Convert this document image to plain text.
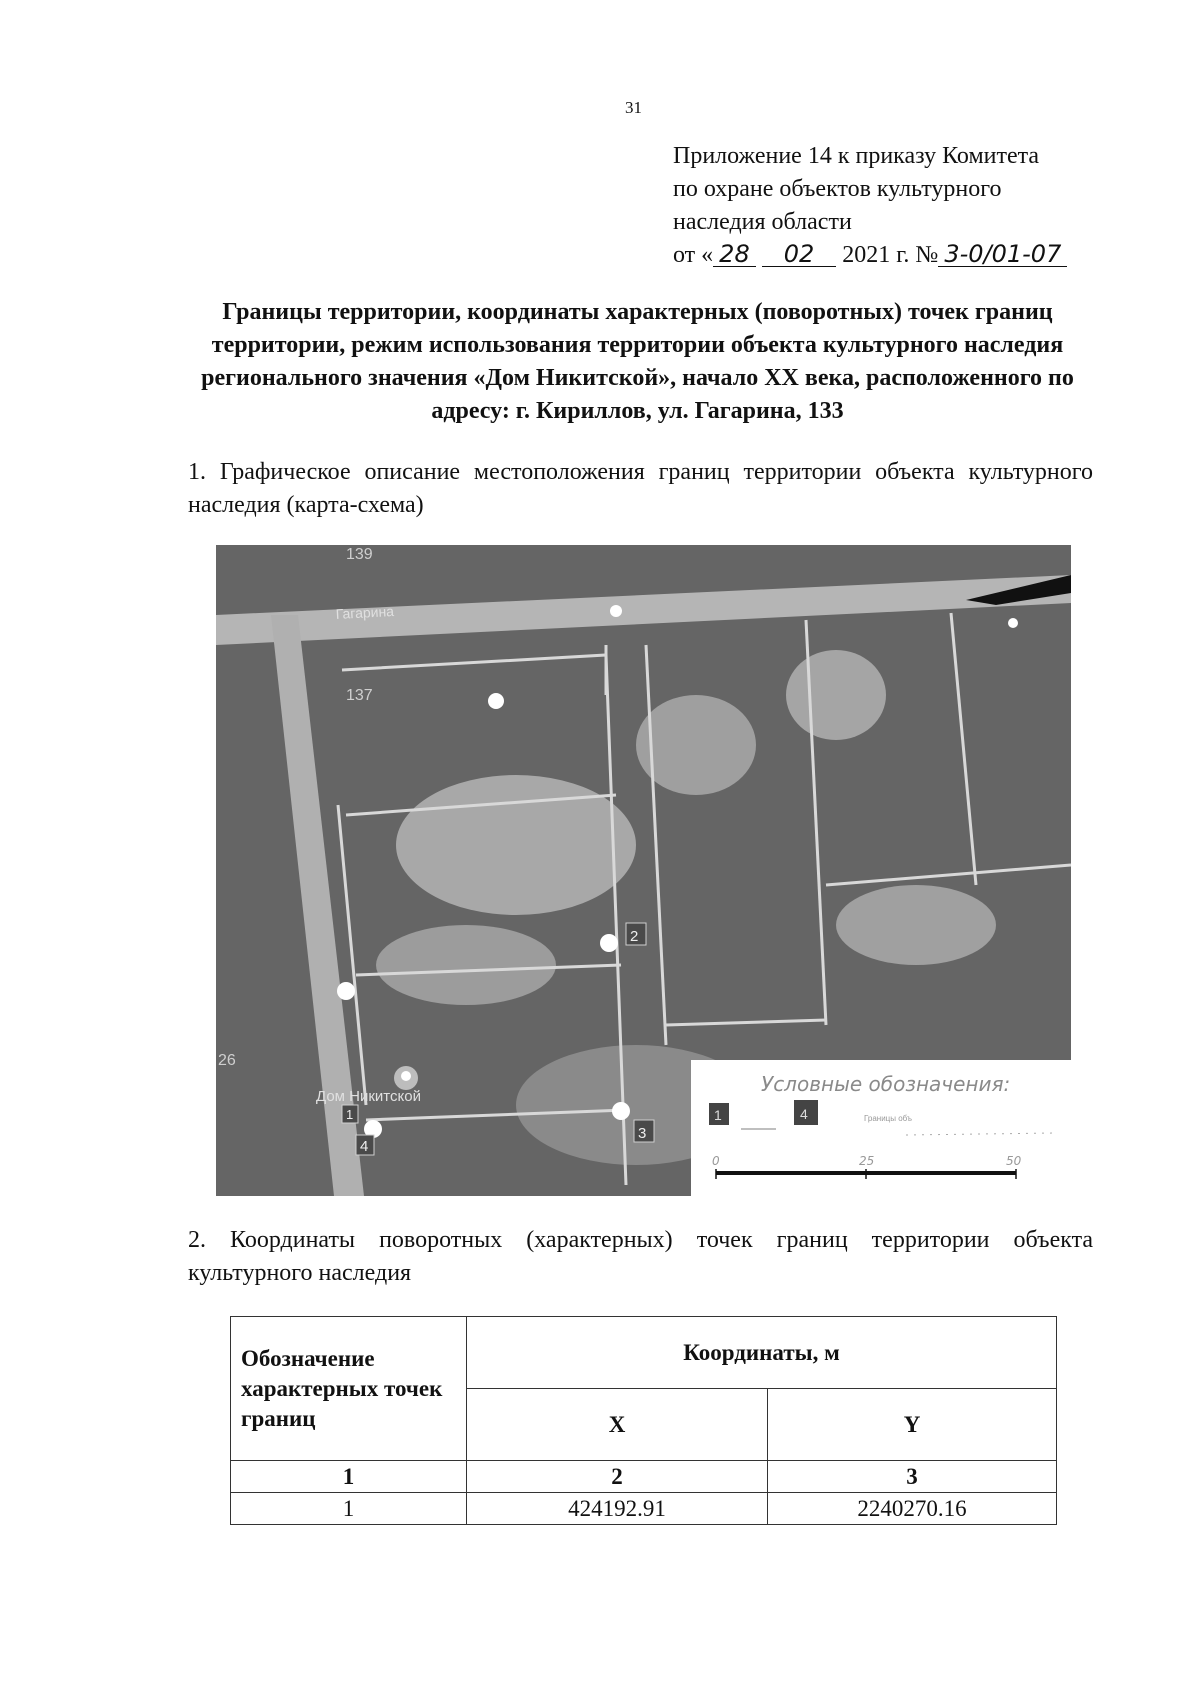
31
Приложение 14 к приказу Комитета
по охране объектов культурного
наследия области
от « 28 02 2021 г. № 3-0/01-07
Границы территории, координаты характерных (поворотных) точек границ территории, режим использования территории объекта культурного наследия регионального значения «Дом Никитской», начало XX века, расположенного по адресу: г. Кириллов, ул. Гагарина, 133
1. Графическое описание местоположения границ территории объекта культурного наследия (карта-схема)
2
3
4
1
139
137
26
Гагарина
Дом Никитской
Условные обозначения:
1	4	Границы объ
0	25	50
2. Координаты поворотных (характерных) точек границ территории объекта культурного наследия
Обозначение характерных точек границ	Координаты, м	
	X	Y
1	2	3
1	424192.91	2240270.16
